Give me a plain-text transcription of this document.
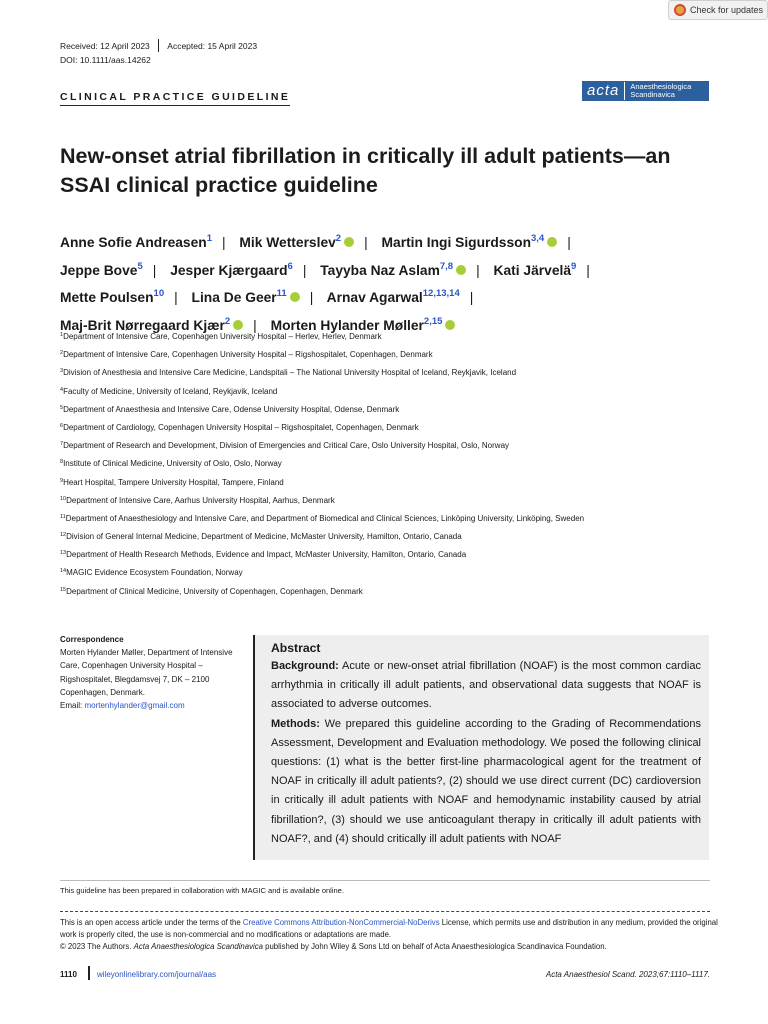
Check for updates
Received: 12 April 2023 Accepted: 15 April 2023
DOI: 10.1111/aas.14262
CLINICAL PRACTICE GUIDELINE	acta	Anaesthesiologica
Scandinavica
New-onset atrial fibrillation in critically ill adult patients—an SSAI clinical practice guideline
Anne Sofie Andreasen$^1$ | Mik Wetterslev$^2$ | Martin Ingi Sigurdsson$^{3,4}$ |
Jeppe Bove$^5$ | Jesper Kjærgaard$^6$ | Tayyba Naz Aslam$^{7,8}$ | Kati Järvelä$^9$ |
Mette Poulsen$^{10}$ | Lina De Geer$^{11}$ | Arnav Agarwal$^{12,13,14}$ |
Maj-Brit Nørregaard Kjær$^2$ | Morten Hylander Møller$^{2,15}$
$^1$Department of Intensive Care, Copenhagen University Hospital – Herlev, Herlev, Denmark
$^2$Department of Intensive Care, Copenhagen University Hospital – Rigshospitalet, Copenhagen, Denmark
$^3$Division of Anesthesia and Intensive Care Medicine, Landspitali – The National University Hospital of Iceland, Reykjavik, Iceland
$^4$Faculty of Medicine, University of Iceland, Reykjavik, Iceland
$^5$Department of Anaesthesia and Intensive Care, Odense University Hospital, Odense, Denmark
$^6$Department of Cardiology, Copenhagen University Hospital – Rigshospitalet, Copenhagen, Denmark
$^7$Department of Research and Development, Division of Emergencies and Critical Care, Oslo University Hospital, Oslo, Norway
$^8$Institute of Clinical Medicine, University of Oslo, Oslo, Norway
$^9$Heart Hospital, Tampere University Hospital, Tampere, Finland
$^{10}$Department of Intensive Care, Aarhus University Hospital, Aarhus, Denmark
$^{11}$Department of Anaesthesiology and Intensive Care, and Department of Biomedical and Clinical Sciences, Linköping University, Linköping, Sweden
$^{12}$Division of General Internal Medicine, Department of Medicine, McMaster University, Hamilton, Ontario, Canada
$^{13}$Department of Health Research Methods, Evidence and Impact, McMaster University, Hamilton, Ontario, Canada
$^{14}$MAGIC Evidence Ecosystem Foundation, Norway
$^{15}$Department of Clinical Medicine, University of Copenhagen, Copenhagen, Denmark
Correspondence
Morten Hylander Møller, Department of Intensive Care, Copenhagen University Hospital – Rigshospitalet, Blegdamsvej 7, DK – 2100 Copenhagen, Denmark.
Email: mortenhylander@gmail.com
Abstract

Background: Acute or new-onset atrial fibrillation (NOAF) is the most common cardiac arrhythmia in critically ill adult patients, and observational data suggests that NOAF is associated to adverse outcomes.

Methods: We prepared this guideline according to the Grading of Recommendations Assessment, Development and Evaluation methodology. We posed the following clinical questions: (1) what is the better first-line pharmacological agent for the treatment of NOAF in critically ill adult patients?, (2) should we use direct current (DC) cardioversion in critically ill adult patients with NOAF and hemodynamic instability caused by atrial fibrillation?, (3) should we use anticoagulant therapy in critically ill adult patients with NOAF?, and (4) should critically ill adult patients with NOAF

This guideline has been prepared in collaboration with MAGIC and is available online.
This is an open access article under the terms of the Creative Commons Attribution-NonCommercial-NoDerivs License, which permits use and distribution in any medium, provided the original work is properly cited, the use is non-commercial and no modifications or adaptations are made.
© 2023 The Authors. Acta Anaesthesiologica Scandinavica published by John Wiley & Sons Ltd on behalf of Acta Anaesthesiologica Scandinavica Foundation.
1110	wileyonlinelibrary.com/journal/aas	Acta Anaesthesiol Scand. 2023;67:1110–1117.
